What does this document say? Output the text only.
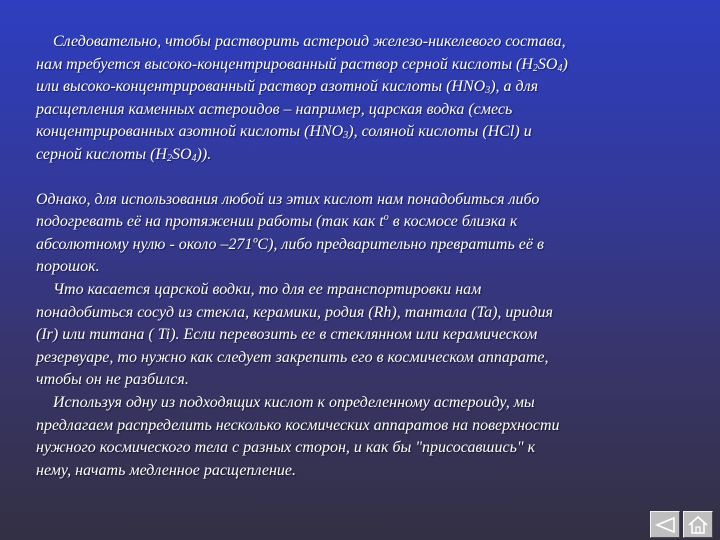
Следовательно, чтобы растворить астероид железо-никелевого состава,
нам требуется высоко-концентрированный раствор серной кислоты $(H_2SO_4)$
или высоко-концентрированный раствор азотной кислоты $(HNO_3)$, а для
расщепления каменных астероидов – например, царская водка (смесь
концентрированных азотной кислоты $(HNO_3)$, соляной кислоты (HCl) и
серной кислоты $(H_2SO_4)$).

Однако, для использования любой из этих кислот нам понадобиться либо
подогревать её на протяжении работы (так как $t^o$ в космосе близка к
абсолютному нулю - около –271ºC), либо предварительно превратить её в
порошок.

Что касается царской водки, то для ее транспортировки нам
понадобиться сосуд из стекла, керамики, родия (Rh), тантала (Ta), иридия
(Ir) или титана ( Ti). Если перевозить ее в стеклянном или керамическом
резервуаре, то нужно как следует закрепить его в космическом аппарате,
чтобы он не разбился.

Используя одну из подходящих кислот к определенному астероиду, мы
предлагаем распределить несколько космических аппаратов на поверхности
нужного космического тела с разных сторон, и как бы "присосавшись" к
нему, начать медленное расщепление.
